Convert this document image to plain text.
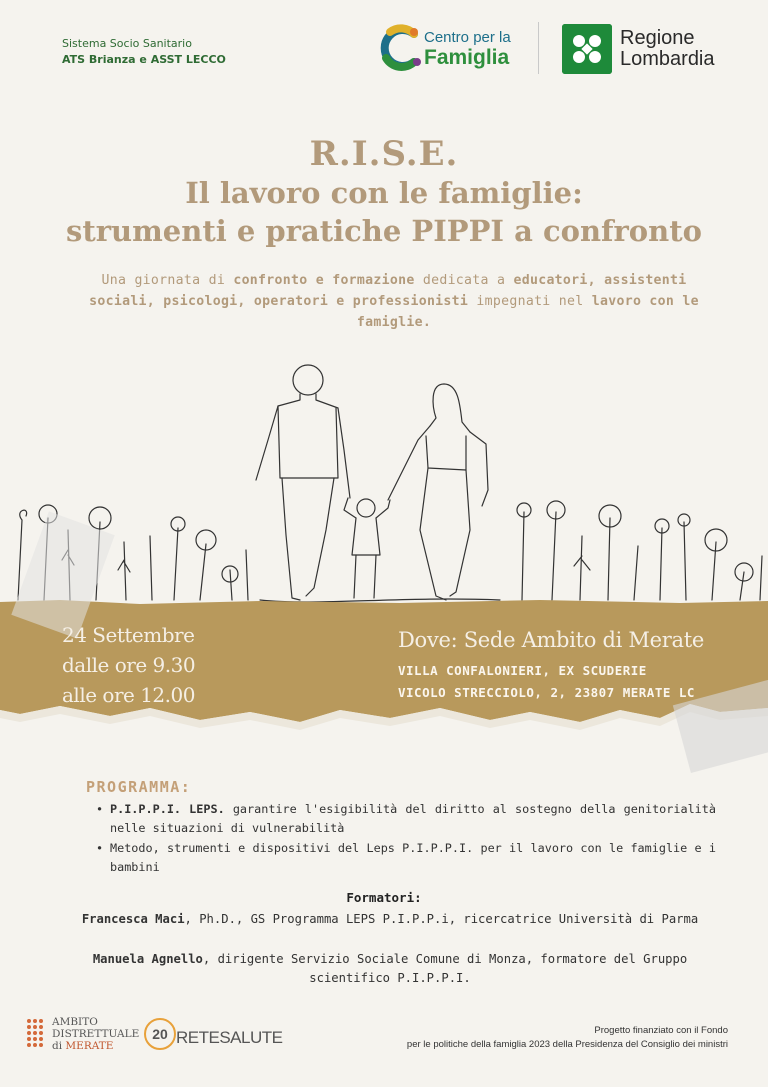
Sistema Socio Sanitario
ATS Brianza e ASST LECCO
Centro per la
Famiglia
Regione
Lombardia
R.I.S.E.
Il lavoro con le famiglie:
strumenti e pratiche PIPPI a confronto
Una giornata di confronto e formazione dedicata a educatori, assistenti sociali, psicologi, operatori e professionisti impegnati nel lavoro con le famiglie.
24 Settembre
dalle ore 9.30
alle ore 12.00
Dove: Sede Ambito di Merate
VILLA CONFALONIERI, EX SCUDERIE
VICOLO STRECCIOLO, 2, 23807 MERATE LC
PROGRAMMA:
• P.I.P.P.I. LEPS. garantire l'esigibilità del diritto al sostegno della genitorialità nelle situazioni di vulnerabilità
• Metodo, strumenti e dispositivi del Leps P.I.P.P.I. per il lavoro con le famiglie e i bambini
Formatori:
Francesca Maci, Ph.D., GS Programma LEPS P.I.P.P.i, ricercatrice Università di Parma
Manuela Agnello, dirigente Servizio Sociale Comune di Monza, formatore del Gruppo scientifico P.I.P.P.I.
AMBITO
DISTRETTUALE
di MERATE
20 RETESALUTE	Progetto finanziato con il Fondo
per le politiche della famiglia 2023 della Presidenza del Consiglio dei ministri
